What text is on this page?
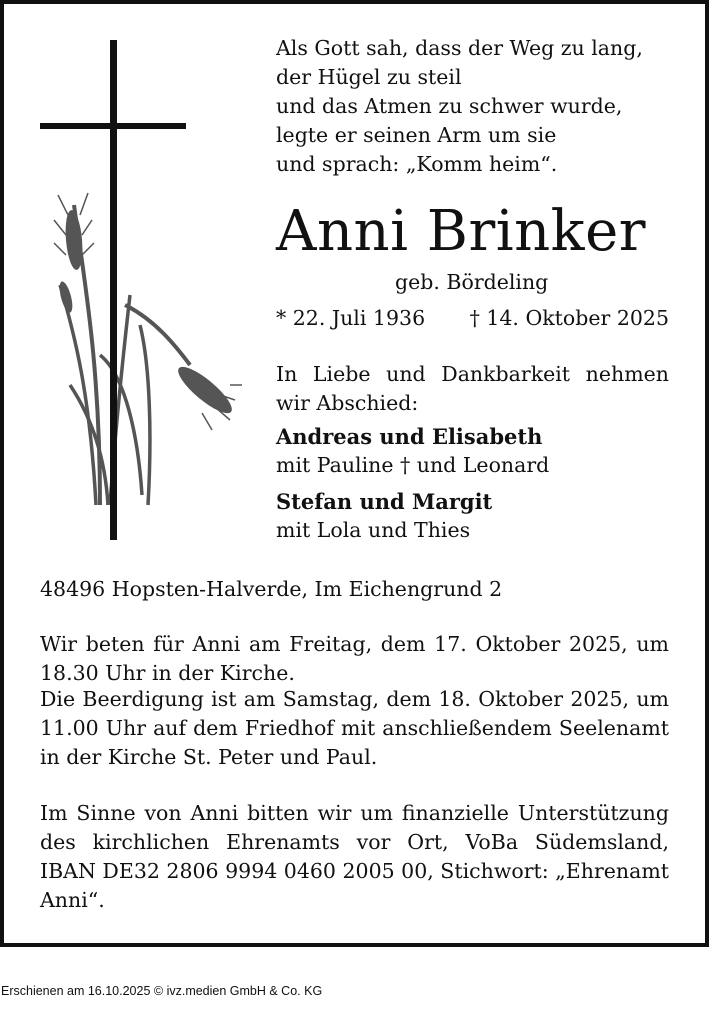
Als Gott sah, dass der Weg zu lang,
der Hügel zu steil
und das Atmen zu schwer wurde,
legte er seinen Arm um sie
und sprach: „Komm heim“.
Anni Brinker
geb. Bördeling
* 22. Juli 1936 † 14. Oktober 2025
In Liebe und Dankbarkeit nehmen wir Abschied:
Andreas und Elisabeth
mit Pauline † und Leonard
Stefan und Margit
mit Lola und Thies
48496 Hopsten-Halverde, Im Eichengrund 2
Wir beten für Anni am Freitag, dem 17. Oktober 2025, um 18.30 Uhr in der Kirche.
Die Beerdigung ist am Samstag, dem 18. Oktober 2025, um 11.00 Uhr auf dem Friedhof mit anschließendem Seelenamt in der Kirche St. Peter und Paul.
Im Sinne von Anni bitten wir um finanzielle Unterstützung des kirchlichen Ehrenamts vor Ort, VoBa Südemsland, IBAN DE32 2806 9994 0460 2005 00, Stichwort: „Ehrenamt Anni“.
Erschienen am 16.10.2025 © ivz.medien GmbH & Co. KG
